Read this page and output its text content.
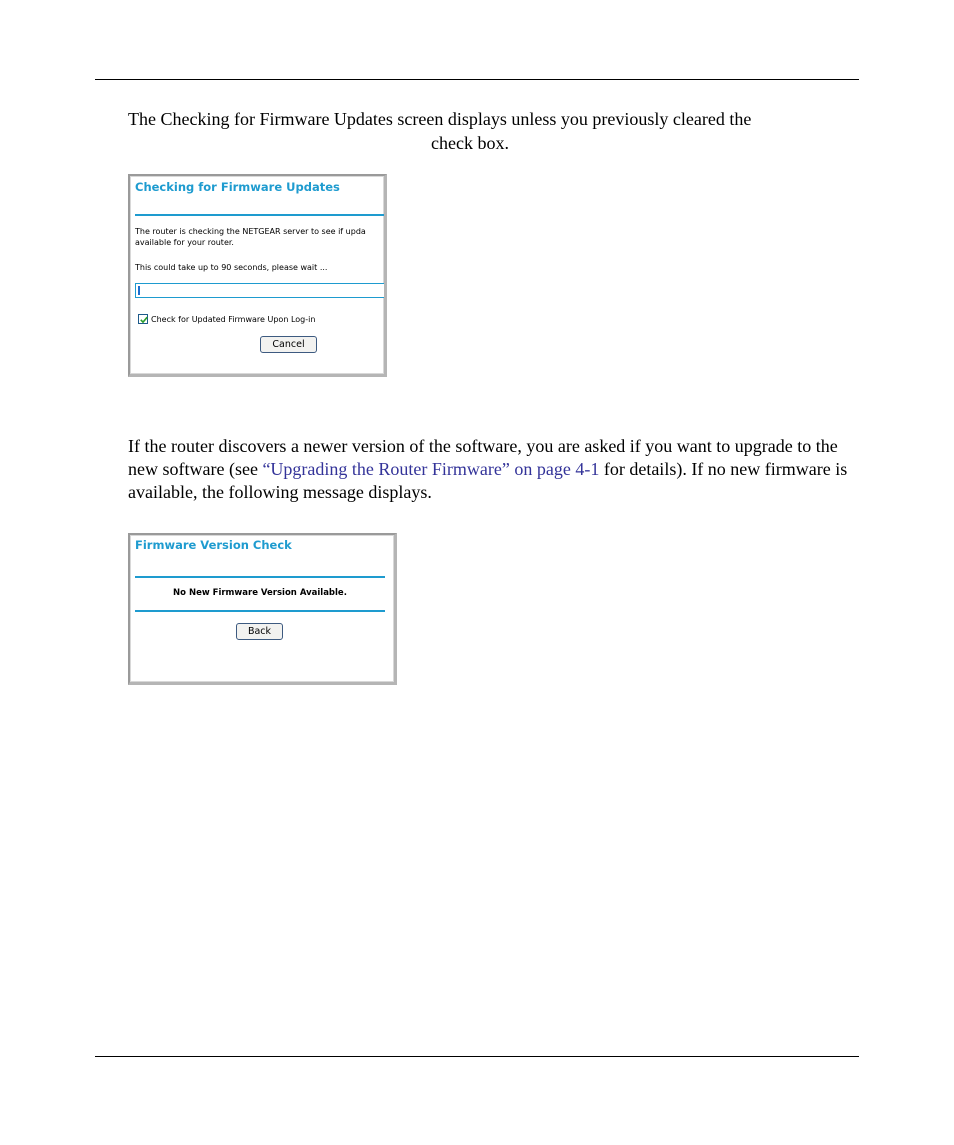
The Checking for Firmware Updates screen displays unless you previously cleared the
check box.
Checking for Firmware Updates
The router is checking the NETGEAR server to see if upda
available for your router.
This could take up to 90 seconds, please wait ...
Check for Updated Firmware Upon Log-in
Cancel
If the router discovers a newer version of the software, you are asked if you want to upgrade to the new software (see “Upgrading the Router Firmware” on page 4-1 for details). If no new firmware is available, the following message displays.
Firmware Version Check
No New Firmware Version Available.
Back
